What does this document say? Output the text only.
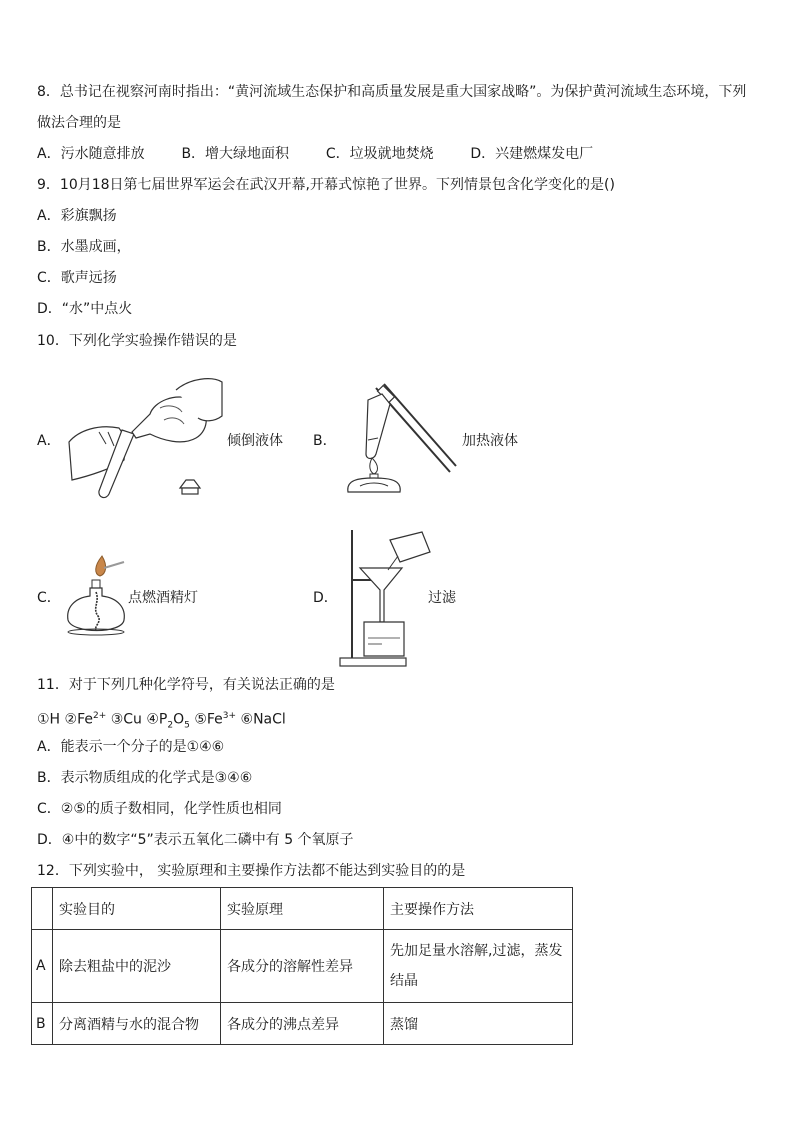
8．总书记在视察河南时指出：“黄河流域生态保护和高质量发展是重大国家战略”。为保护黄河流域生态环境，下列
做法合理的是
A．污水随意排放	B．增大绿地面积	C．垃圾就地焚烧	D．兴建燃煤发电厂
9．10月18日第七届世界军运会在武汉开幕,开幕式惊艳了世界。下列情景包含化学变化的是()
A．彩旗飘扬
B．水墨成画，
C．歌声远扬
D．“水”中点火
10．下列化学实验操作错误的是
A．	倾倒液体 B．	加热液体
C．	点燃酒精灯	D．	过滤
11．对于下列几种化学符号，有关说法正确的是
①H $②Fe^{2+}$ ③Cu $④P_2O_5$ $⑤Fe^{3+}$ ⑥NaCl
A．能表示一个分子的是①④⑥
B．表示物质组成的化学式是③④⑥
C．②⑤的质子数相同，化学性质也相同
D．④中的数字“5”表示五氧化二磷中有 5 个氧原子
12．下列实验中， 实验原理和主要操作方法都不能达到实验目的的是
	实验目的	实验原理	主要操作方法
A	除去粗盐中的泥沙	各成分的溶解性差异	先加足量水溶解,过滤，蒸发
结晶

B	分离酒精与水的混合物	各成分的沸点差异	蒸馏
